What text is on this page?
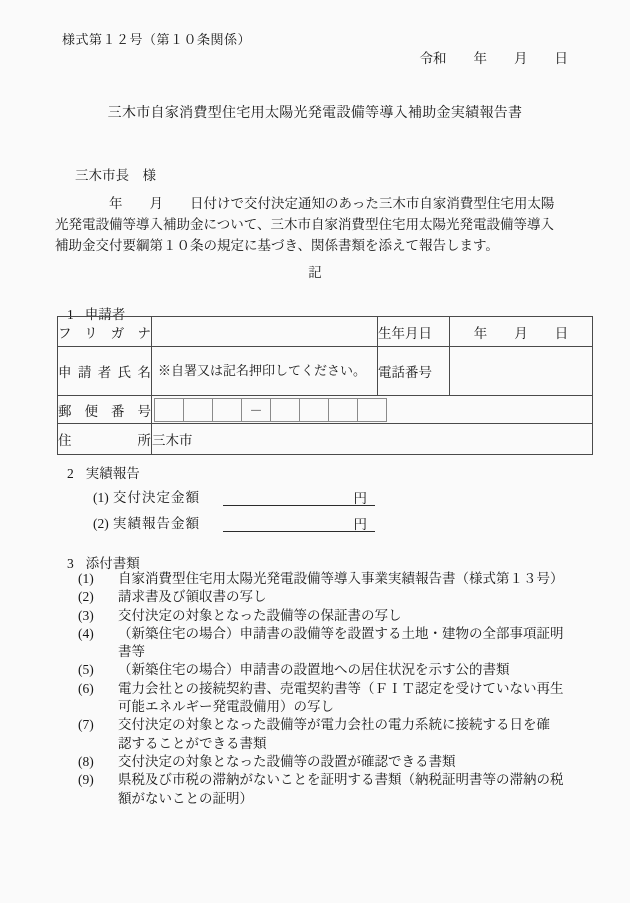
様式第１２号（第１０条関係）
令和　　年　　月　　日
三木市自家消費型住宅用太陽光発電設備等導入補助金実績報告書
三木市長　様
　　　　年　　月　　日付けで交付決定通知のあった三木市自家消費型住宅用太陽
光発電設備等導入補助金について、三木市自家消費型住宅用太陽光発電設備等導入
補助金交付要綱第１０条の規定に基づき、関係書類を添えて報告します。
記
1 申請者
フリガナ		生年月日	年　　月　　日
申請者氏名	※自署又は記名押印してください。	電話番号	
郵便番号	－		

住　所	三木市		
2 実績報告
(1) 交付決定金額	円
(2) 実績報告金額	円
3 添付書類
(1)	自家消費型住宅用太陽光発電設備等導入事業実績報告書（様式第１３号）
(2)	請求書及び領収書の写し
(3)	交付決定の対象となった設備等の保証書の写し
(4)	（新築住宅の場合）申請書の設備等を設置する土地・建物の全部事項証明
書等
(5)	（新築住宅の場合）申請書の設置地への居住状況を示す公的書類
(6)	電力会社との接続契約書、売電契約書等（ＦＩＴ認定を受けていない再生
可能エネルギー発電設備用）の写し
(7)	交付決定の対象となった設備等が電力会社の電力系統に接続する日を確
認することができる書類
(8)	交付決定の対象となった設備等の設置が確認できる書類
(9)	県税及び市税の滞納がないことを証明する書類（納税証明書等の滞納の税
額がないことの証明）
